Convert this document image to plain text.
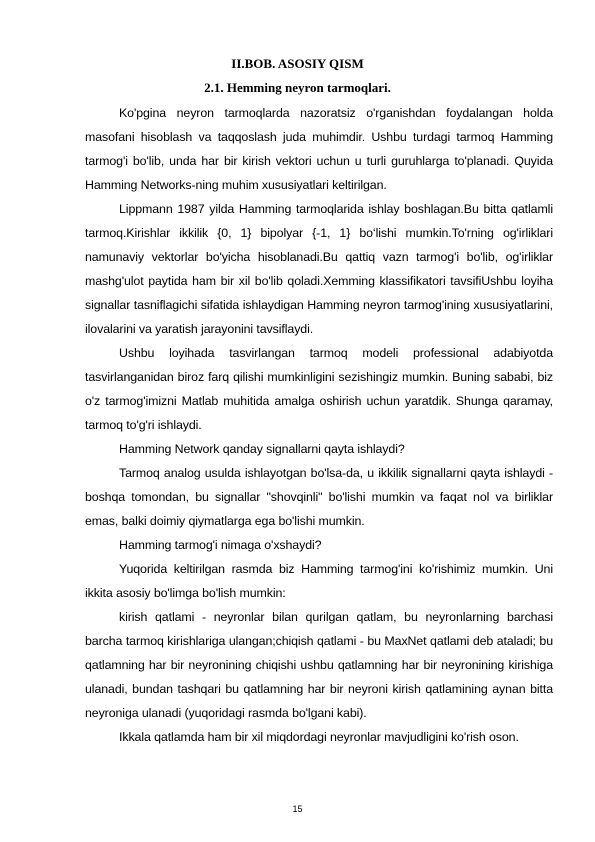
II.BOB. ASOSIY QISM
2.1. Hemming neyron tarmoqlari.

Ko'pgina neyron tarmoqlarda nazoratsiz o'rganishdan foydalangan holda masofani hisoblash va taqqoslash juda muhimdir. Ushbu turdagi tarmoq Hamming tarmog'i bo'lib, unda har bir kirish vektori uchun u turli guruhlarga to'planadi. Quyida Hamming Networks-ning muhim xususiyatlari keltirilgan.

Lippmann 1987 yilda Hamming tarmoqlarida ishlay boshlagan.Bu bitta qatlamli tarmoq.Kirishlar ikkilik {0, 1} bipolyar {-1, 1} bo‘lishi mumkin.To'rning og'irliklari namunaviy vektorlar bo'yicha hisoblanadi.Bu qattiq vazn tarmog'i bo'lib, og'irliklar mashg'ulot paytida ham bir xil bo'lib qoladi.Xemming klassifikatori tavsifiUshbu loyiha signallar tasniflagichi sifatida ishlaydigan Hamming neyron tarmog'ining xususiyatlarini, ilovalarini va yaratish jarayonini tavsiflaydi.

Ushbu loyihada tasvirlangan tarmoq modeli professional adabiyotda tasvirlanganidan biroz farq qilishi mumkinligini sezishingiz mumkin. Buning sababi, biz o'z tarmog'imizni Matlab muhitida amalga oshirish uchun yaratdik. Shunga qaramay, tarmoq to'g'ri ishlaydi.

Hamming Network qanday signallarni qayta ishlaydi?

Tarmoq analog usulda ishlayotgan bo'lsa-da, u ikkilik signallarni qayta ishlaydi - boshqa tomondan, bu signallar "shovqinli" bo'lishi mumkin va faqat nol va birliklar emas, balki doimiy qiymatlarga ega bo'lishi mumkin.

Hamming tarmog'i nimaga o'xshaydi?

Yuqorida keltirilgan rasmda biz Hamming tarmog'ini ko'rishimiz mumkin. Uni ikkita asosiy bo'limga bo'lish mumkin:

kirish qatlami - neyronlar bilan qurilgan qatlam, bu neyronlarning barchasi barcha tarmoq kirishlariga ulangan;chiqish qatlami - bu MaxNet qatlami deb ataladi; bu qatlamning har bir neyronining chiqishi ushbu qatlamning har bir neyronining kirishiga ulanadi, bundan tashqari bu qatlamning har bir neyroni kirish qatlamining aynan bitta neyroniga ulanadi (yuqoridagi rasmda bo'lgani kabi).

Ikkala qatlamda ham bir xil miqdordagi neyronlar mavjudligini ko'rish oson.

15
